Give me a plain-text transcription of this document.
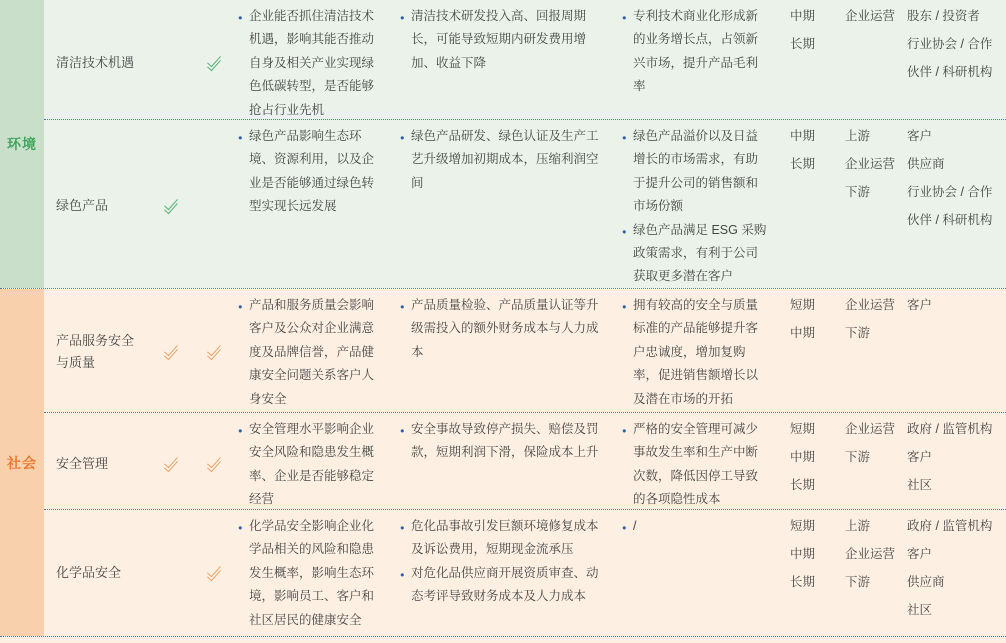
环境
清洁技术机遇
● 企业能否抓住清洁技术机遇，影响其能否推动自身及相关产业实现绿色低碳转型，是否能够抢占行业先机
● 清洁技术研发投入高、回报周期长，可能导致短期内研发费用增加、收益下降
● 专利技术商业化形成新的业务增长点，占领新兴市场，提升产品毛利率
中期
长期
企业运营 股东 / 投资者
行业协会 / 合作伙伴 / 科研机构
绿色产品
● 绿色产品影响生态环境、资源利用，以及企业是否能够通过绿色转型实现长远发展
● 绿色产品研发、绿色认证及生产工艺升级增加初期成本，压缩利润空间
● 绿色产品溢价以及日益增长的市场需求，有助于提升公司的销售额和市场份额
● 绿色产品满足 ESG 采购政策需求，有利于公司获取更多潜在客户
中期
长期
上游
企业运营
下游
客户
供应商
行业协会 / 合作伙伴 / 科研机构
社会
产品服务安全与质量
● 产品和服务质量会影响客户及公众对企业满意度及品牌信誉，产品健康安全问题关系客户人身安全
● 产品质量检验、产品质量认证等升级需投入的额外财务成本与人力成本
● 拥有较高的安全与质量标准的产品能够提升客户忠诚度，增加复购率，促进销售额增长以及潜在市场的开拓
短期
中期
企业运营
下游
客户
安全管理
● 安全管理水平影响企业安全风险和隐患发生概率、企业是否能够稳定经营
● 安全事故导致停产损失、赔偿及罚款，短期利润下滑，保险成本上升
● 严格的安全管理可减少事故发生率和生产中断次数，降低因停工导致的各项隐性成本
短期
中期
长期
企业运营
下游
政府 / 监管机构
客户
社区
化学品安全
● 化学品安全影响企业化学品相关的风险和隐患发生概率，影响生态环境，影响员工、客户和社区居民的健康安全
● 危化品事故引发巨额环境修复成本及诉讼费用，短期现金流承压
● 对危化品供应商开展资质审查、动态考评导致财务成本及人力成本
● /	短期
中期
长期
上游
企业运营
下游
政府 / 监管机构
客户
供应商
社区
